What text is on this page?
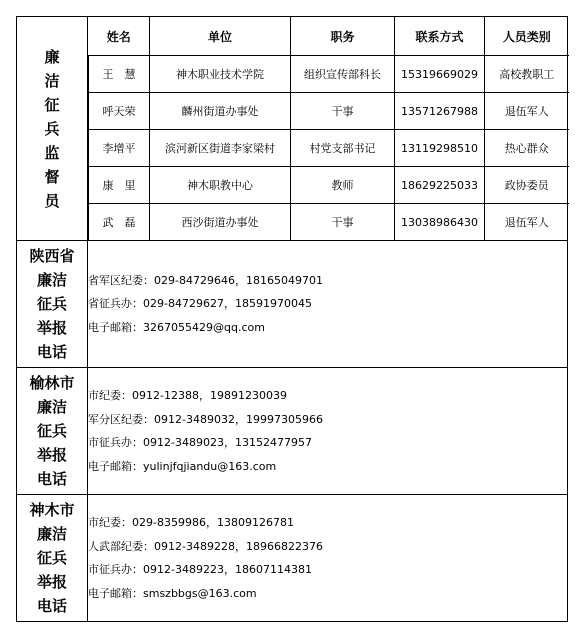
廉
洁
征
兵
监
督
员

姓名	单位	职务	联系方式	人员类别
王　慧	神木职业技术学院	组织宣传部科长	15319669029	高校教职工
呼天荣	麟州街道办事处	干事	13571267988	退伍军人
李增平	滨河新区街道李家梁村	村党支部书记	13119298510	热心群众
康　里	神木职教中心	教师	18629225033	政协委员
武　磊	西沙街道办事处	干事	13038986430	退伍军人

陕西省
廉洁
征兵
举报
电话

省军区纪委：029-84729646，18165049701
省征兵办：029-84729627，18591970045
电子邮箱：3267055429@qq.com

榆林市
廉洁
征兵
举报
电话

市纪委：0912-12388，19891230039
军分区纪委：0912-3489032，19997305966
市征兵办：0912-3489023，13152477957
电子邮箱：yulinjfqjiandu@163.com

神木市
廉洁
征兵
举报
电话

市纪委：029-8359986，13809126781
人武部纪委：0912-3489228，18966822376
市征兵办：0912-3489223，18607114381
电子邮箱：smszbbgs@163.com
